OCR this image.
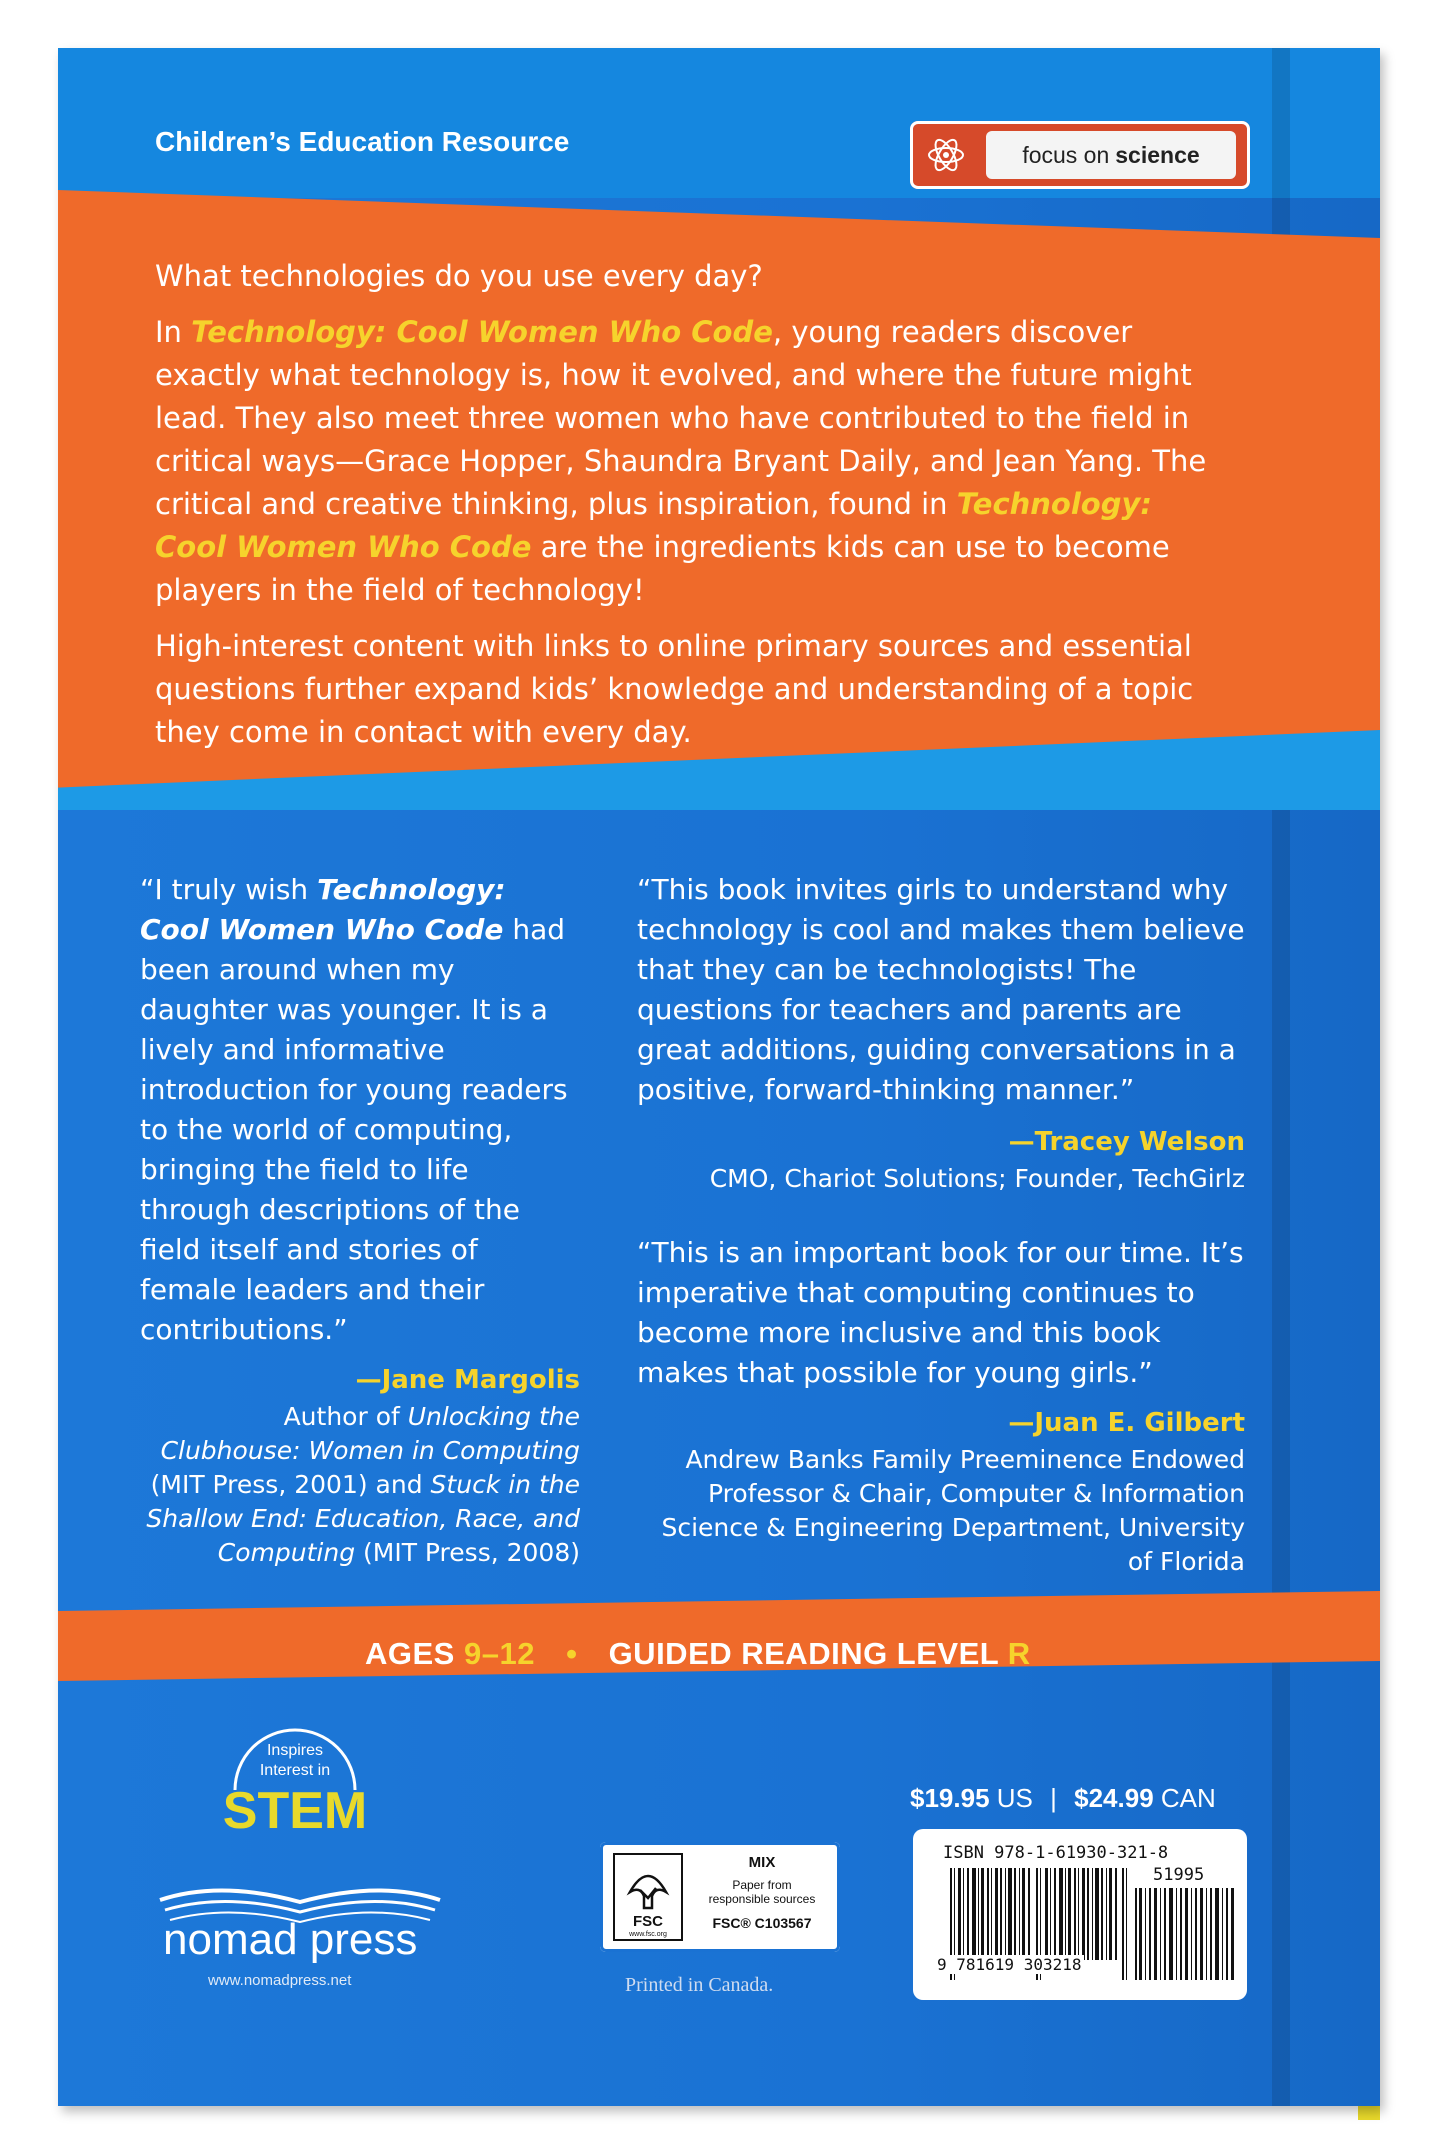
Children’s Education Resource	focus on science

What technologies do you use every day?

In Technology: Cool Women Who Code, young readers discover exactly what technology is, how it evolved, and where the future might lead. They also meet three women who have contributed to the field in critical ways—Grace Hopper, Shaundra Bryant Daily, and Jean Yang. The critical and creative thinking, plus inspiration, found in Technology: Cool Women Who Code are the ingredients kids can use to become players in the field of technology!

High-interest content with links to online primary sources and essential questions further expand kids’ knowledge and understanding of a topic they come in contact with every day.

“I truly wish Technology: Cool Women Who Code had been around when my daughter was younger. It is a lively and informative introduction for young readers to the world of computing, bringing the field to life through descriptions of the field itself and stories of female leaders and their contributions.”

—Jane Margolis
Author of Unlocking the Clubhouse: Women in Computing (MIT Press, 2001) and Stuck in the Shallow End: Education, Race, and Computing (MIT Press, 2008)

“This book invites girls to understand why technology is cool and makes them believe that they can be technologists! The questions for teachers and parents are great additions, guiding conversations in a positive, forward-thinking manner.”

—Tracey Welson
CMO, Chariot Solutions; Founder, TechGirlz

“This is an important book for our time. It’s imperative that computing continues to become more inclusive and this book makes that possible for young girls.”

—Juan E. Gilbert
Andrew Banks Family Preeminence Endowed Professor & Chair, Computer & Information Science & Engineering Department, University of Florida
AGES 9–12 • GUIDED READING LEVEL R
Inspires
Interest in
STEM
nomad press
www.nomadpress.net
FSC
www.fsc.org
MIX
Paper from
responsible sources
FSC® C103567
Printed in Canada.
$19.95 US | $24.99 CAN
ISBN 978-1-61930-321-8
51995
9 781619 303218
